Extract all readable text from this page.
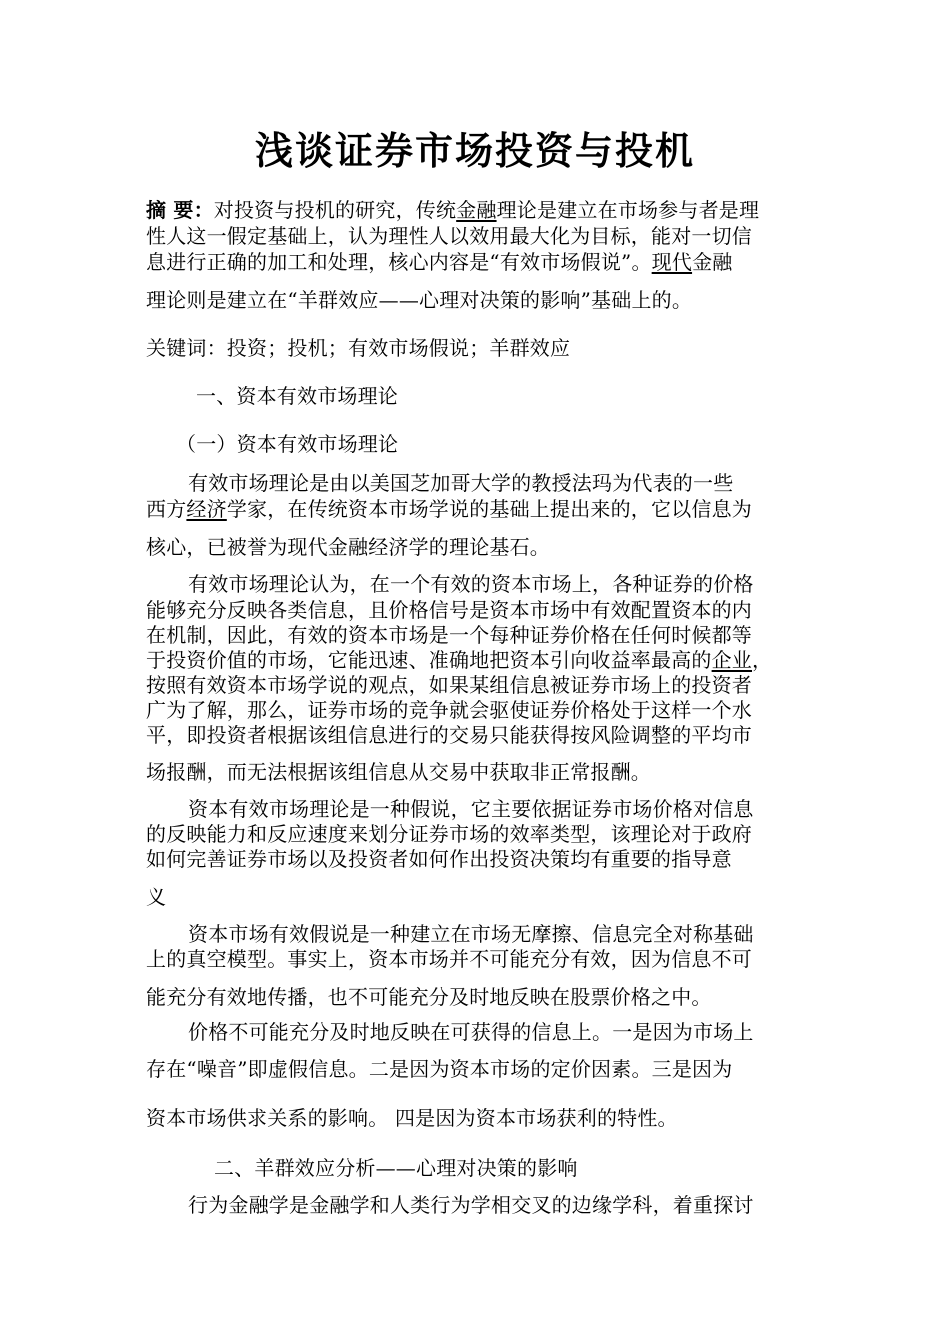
浅谈证券市场投资与投机
摘 要：对投资与投机的研究，传统金融理论是建立在市场参与者是理
性人这一假定基础上，认为理性人以效用最大化为目标，能对一切信
息进行正确的加工和处理，核心内容是“有效市场假说”。现代金融
理论则是建立在“羊群效应——心理对决策的影响”基础上的。
关键词：投资；投机；有效市场假说；羊群效应
一、资本有效市场理论
（一）资本有效市场理论
有效市场理论是由以美国芝加哥大学的教授法玛为代表的一些
西方经济学家，在传统资本市场学说的基础上提出来的，它以信息为
核心，已被誉为现代金融经济学的理论基石。
有效市场理论认为，在一个有效的资本市场上，各种证券的价格
能够充分反映各类信息，且价格信号是资本市场中有效配置资本的内
在机制，因此，有效的资本市场是一个每种证券价格在任何时候都等
于投资价值的市场，它能迅速、准确地把资本引向收益率最高的企业，
按照有效资本市场学说的观点，如果某组信息被证券市场上的投资者
广为了解，那么，证券市场的竞争就会驱使证券价格处于这样一个水
平，即投资者根据该组信息进行的交易只能获得按风险调整的平均市
场报酬，而无法根据该组信息从交易中获取非正常报酬。
资本有效市场理论是一种假说，它主要依据证券市场价格对信息
的反映能力和反应速度来划分证券市场的效率类型，该理论对于政府
如何完善证券市场以及投资者如何作出投资决策均有重要的指导意
义
资本市场有效假说是一种建立在市场无摩擦、信息完全对称基础
上的真空模型。事实上，资本市场并不可能充分有效，因为信息不可
能充分有效地传播，也不可能充分及时地反映在股票价格之中。
价格不可能充分及时地反映在可获得的信息上。一是因为市场上
存在“噪音”即虚假信息。二是因为资本市场的定价因素。三是因为
资本市场供求关系的影响。 四是因为资本市场获利的特性。
二、羊群效应分析——心理对决策的影响
行为金融学是金融学和人类行为学相交叉的边缘学科，着重探讨
